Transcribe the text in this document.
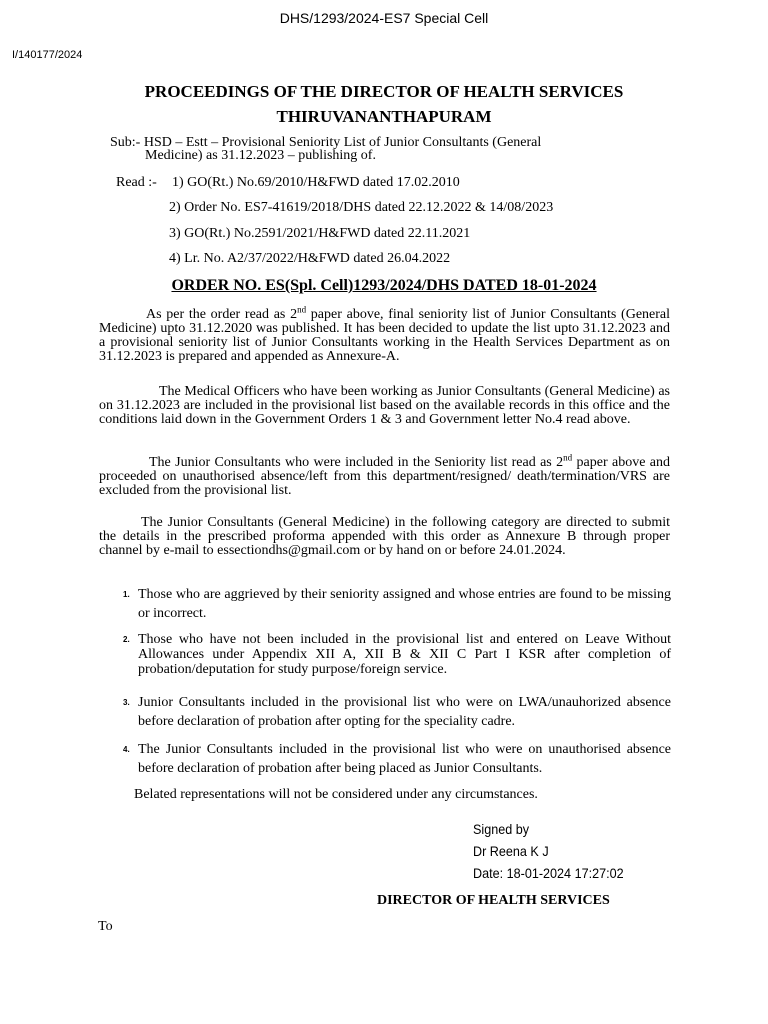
DHS/1293/2024-ES7 Special Cell
I/140177/2024
PROCEEDINGS OF THE DIRECTOR OF HEALTH SERVICES
THIRUVANANTHAPURAM
Sub:- HSD – Estt – Provisional Seniority List of Junior Consultants (General
Medicine) as 31.12.2023 – publishing of.
Read :- 1) GO(Rt.) No.69/2010/H&FWD dated 17.02.2010
2) Order No. ES7-41619/2018/DHS dated 22.12.2022 & 14/08/2023
3) GO(Rt.) No.2591/2021/H&FWD dated 22.11.2021
4) Lr. No. A2/37/2022/H&FWD dated 26.04.2022
ORDER NO. ES(Spl. Cell)1293/2024/DHS DATED 18-01-2024
As per the order read as 2nd paper above, final seniority list of Junior Consultants (General Medicine) upto 31.12.2020 was published. It has been decided to update the list upto 31.12.2023 and a provisional seniority list of Junior Consultants working in the Health Services Department as on 31.12.2023 is prepared and appended as Annexure-A.
The Medical Officers who have been working as Junior Consultants (General Medicine) as on 31.12.2023 are included in the provisional list based on the available records in this office and the conditions laid down in the Government Orders 1 & 3 and Government letter No.4 read above.
The Junior Consultants who were included in the Seniority list read as 2nd paper above and proceeded on unauthorised absence/left from this department/resigned/ death/termination/VRS are excluded from the provisional list.
The Junior Consultants (General Medicine) in the following category are directed to submit the details in the prescribed proforma appended with this order as Annexure B through proper channel by e-mail to essectiondhs@gmail.com or by hand on or before 24.01.2024.
1. Those who are aggrieved by their seniority assigned and whose entries are found to be missing or incorrect.
2. Those who have not been included in the provisional list and entered on Leave Without Allowances under Appendix XII A, XII B & XII C Part I KSR after completion of probation/deputation for study purpose/foreign service.
3. Junior Consultants included in the provisional list who were on LWA/unauhorized absence before declaration of probation after opting for the speciality cadre.
4. The Junior Consultants included in the provisional list who were on unauthorised absence before declaration of probation after being placed as Junior Consultants.
Belated representations will not be considered under any circumstances.
Signed by
Dr Reena K J
Date: 18-01-2024 17:27:02
DIRECTOR OF HEALTH SERVICES
To
